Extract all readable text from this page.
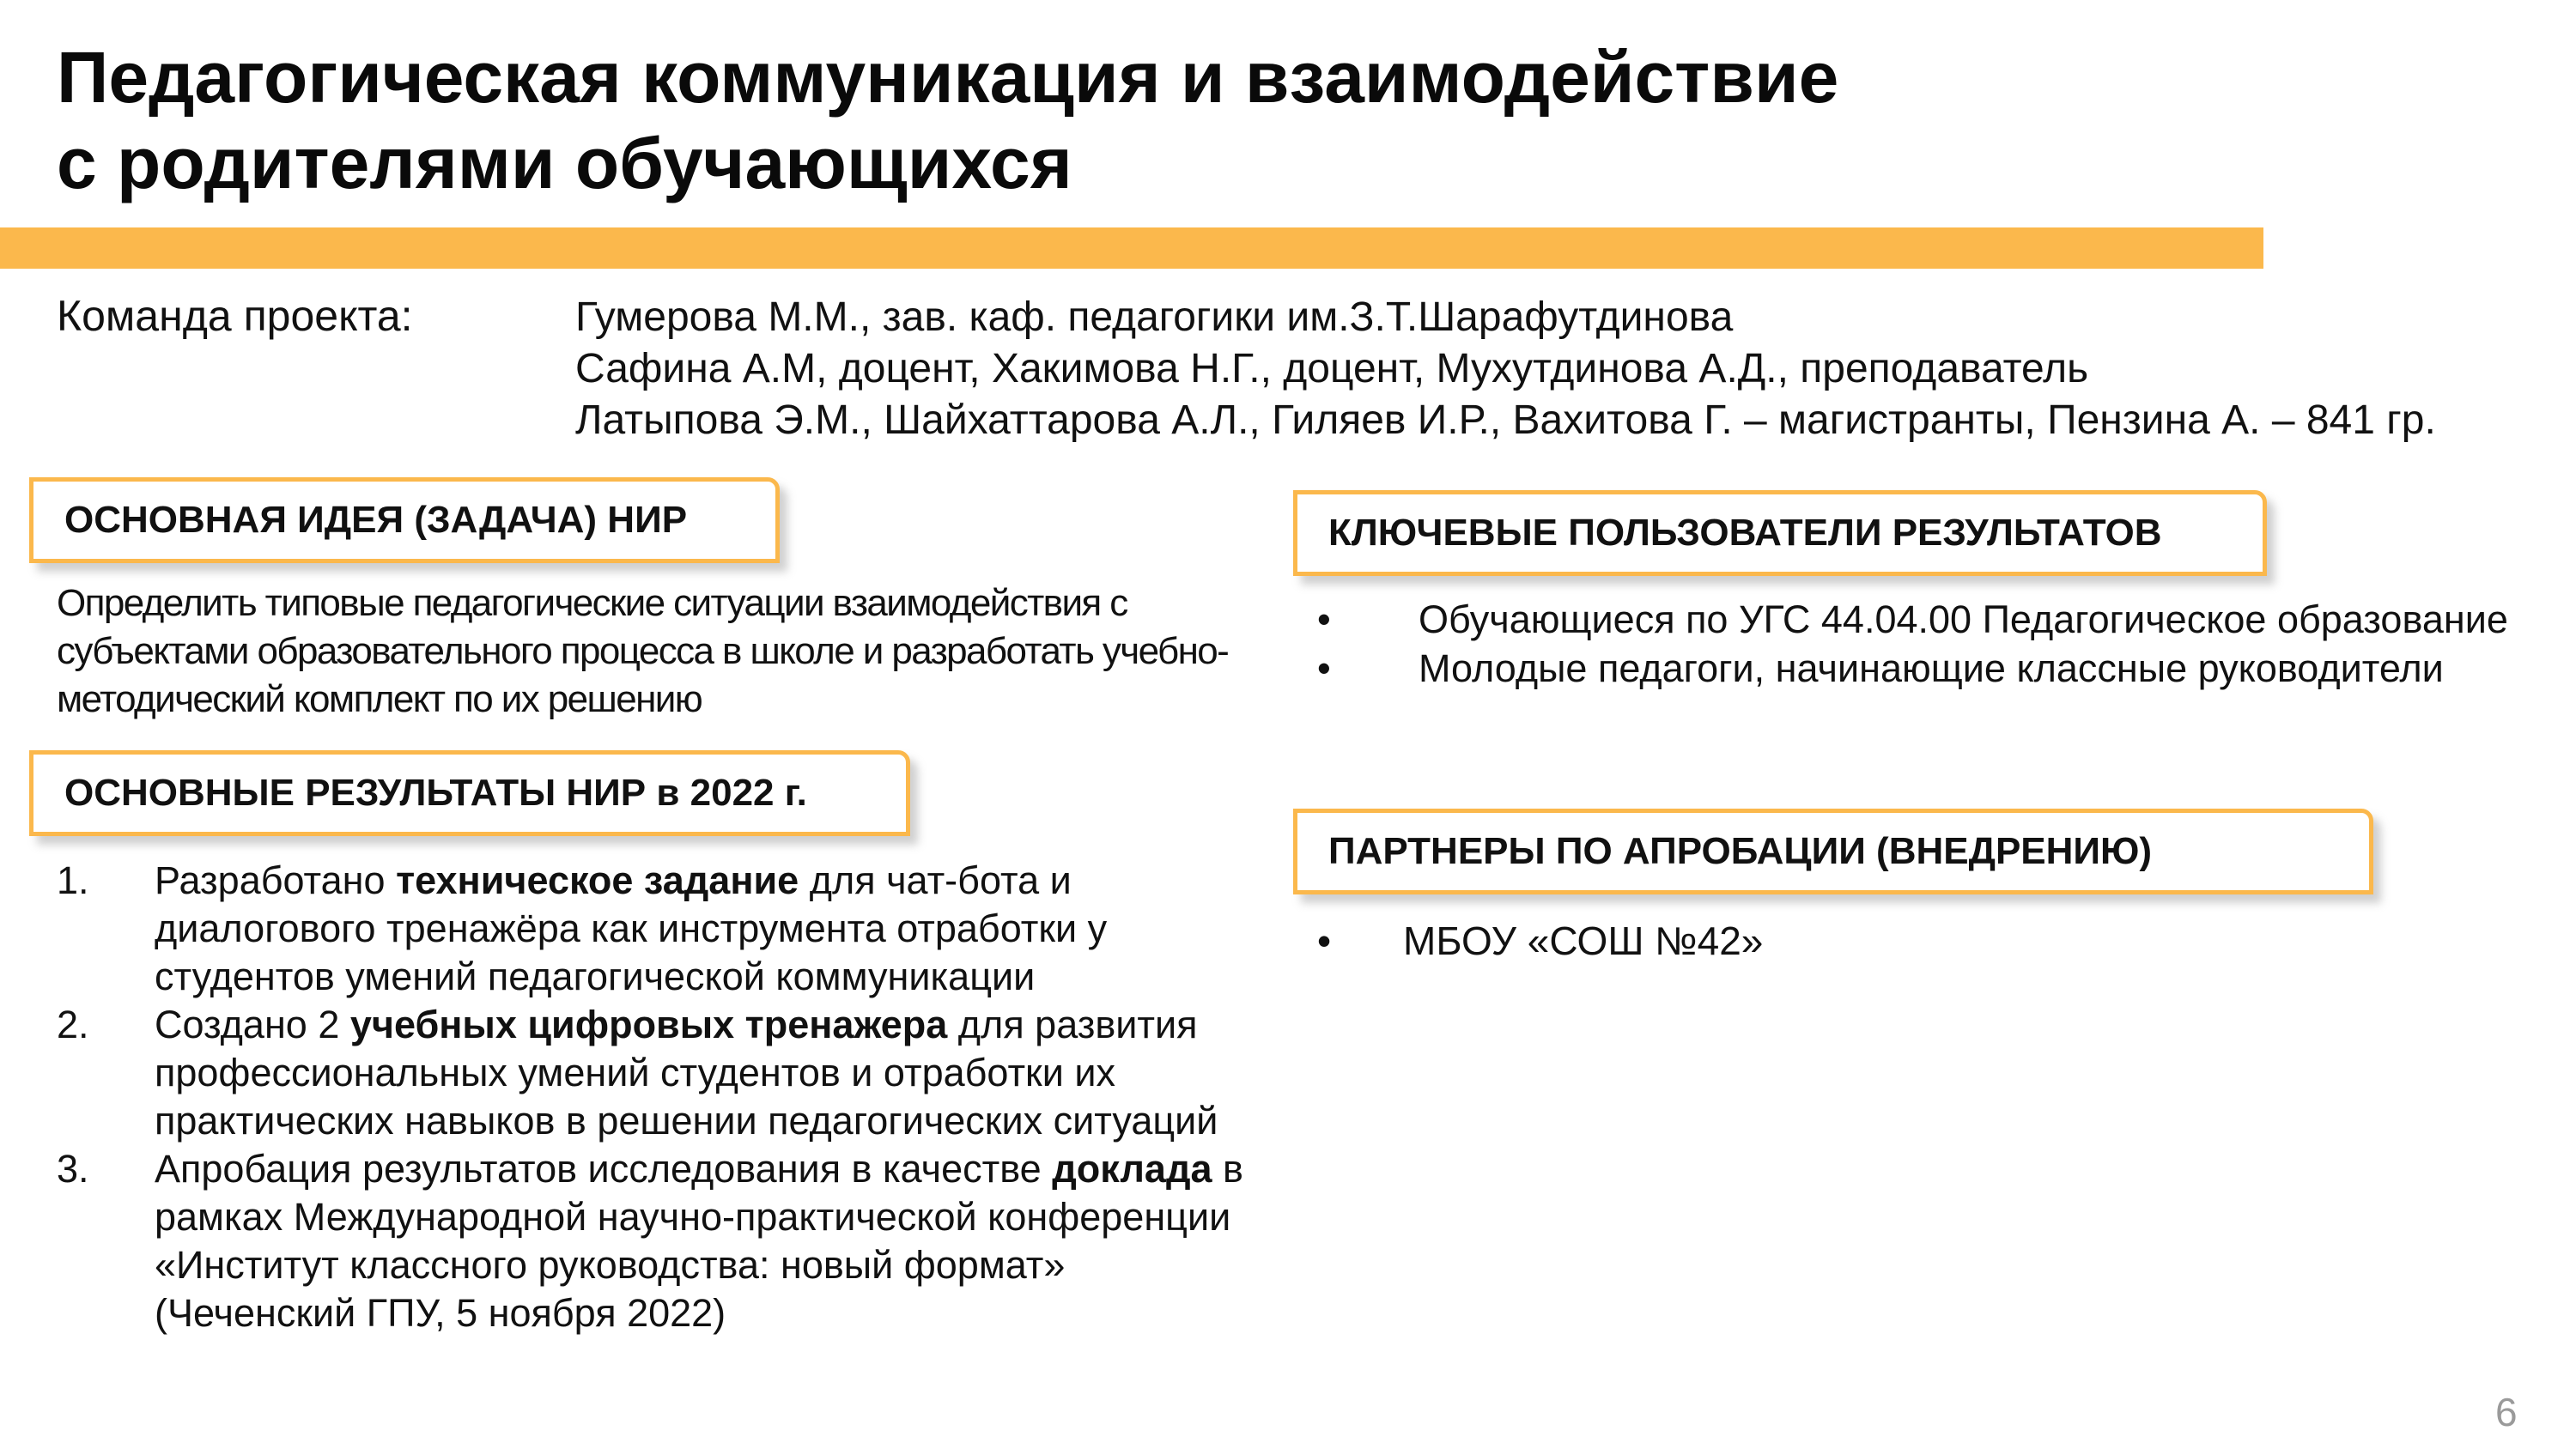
Педагогическая коммуникация и взаимодействие
с родителями обучающихся
Команда проекта:	Гумерова М.М., зав. каф. педагогики им.З.Т.Шарафутдинова
Сафина А.М, доцент, Хакимова Н.Г., доцент, Мухутдинова А.Д., преподаватель
Латыпова Э.М., Шайхаттарова А.Л., Гиляев И.Р., Вахитова Г. – магистранты, Пензина А. – 841 гр.
ОСНОВНАЯ ИДЕЯ (ЗАДАЧА) НИР
Определить типовые педагогические ситуации взаимодействия с субъектами образовательного процесса в школе и разработать учебно-методический комплект по их решению
ОСНОВНЫЕ РЕЗУЛЬТАТЫ НИР в 2022 г.
1. Разработано техническое задание для чат-бота и диалогового тренажёра как инструмента отработки у студентов умений педагогической коммуникации
2. Создано 2 учебных цифровых тренажера для развития профессиональных умений студентов и отработки их практических навыков в решении педагогических ситуаций
3. Апробация результатов исследования в качестве доклада в рамках Международной научно-практической конференции «Институт классного руководства: новый формат» (Чеченский ГПУ, 5 ноября 2022)
КЛЮЧЕВЫЕ ПОЛЬЗОВАТЕЛИ РЕЗУЛЬТАТОВ
• Обучающиеся по УГС 44.04.00 Педагогическое образование
• Молодые педагоги, начинающие классные руководители
ПАРТНЕРЫ ПО АПРОБАЦИИ (ВНЕДРЕНИЮ)
• МБОУ «СОШ №42»
6
